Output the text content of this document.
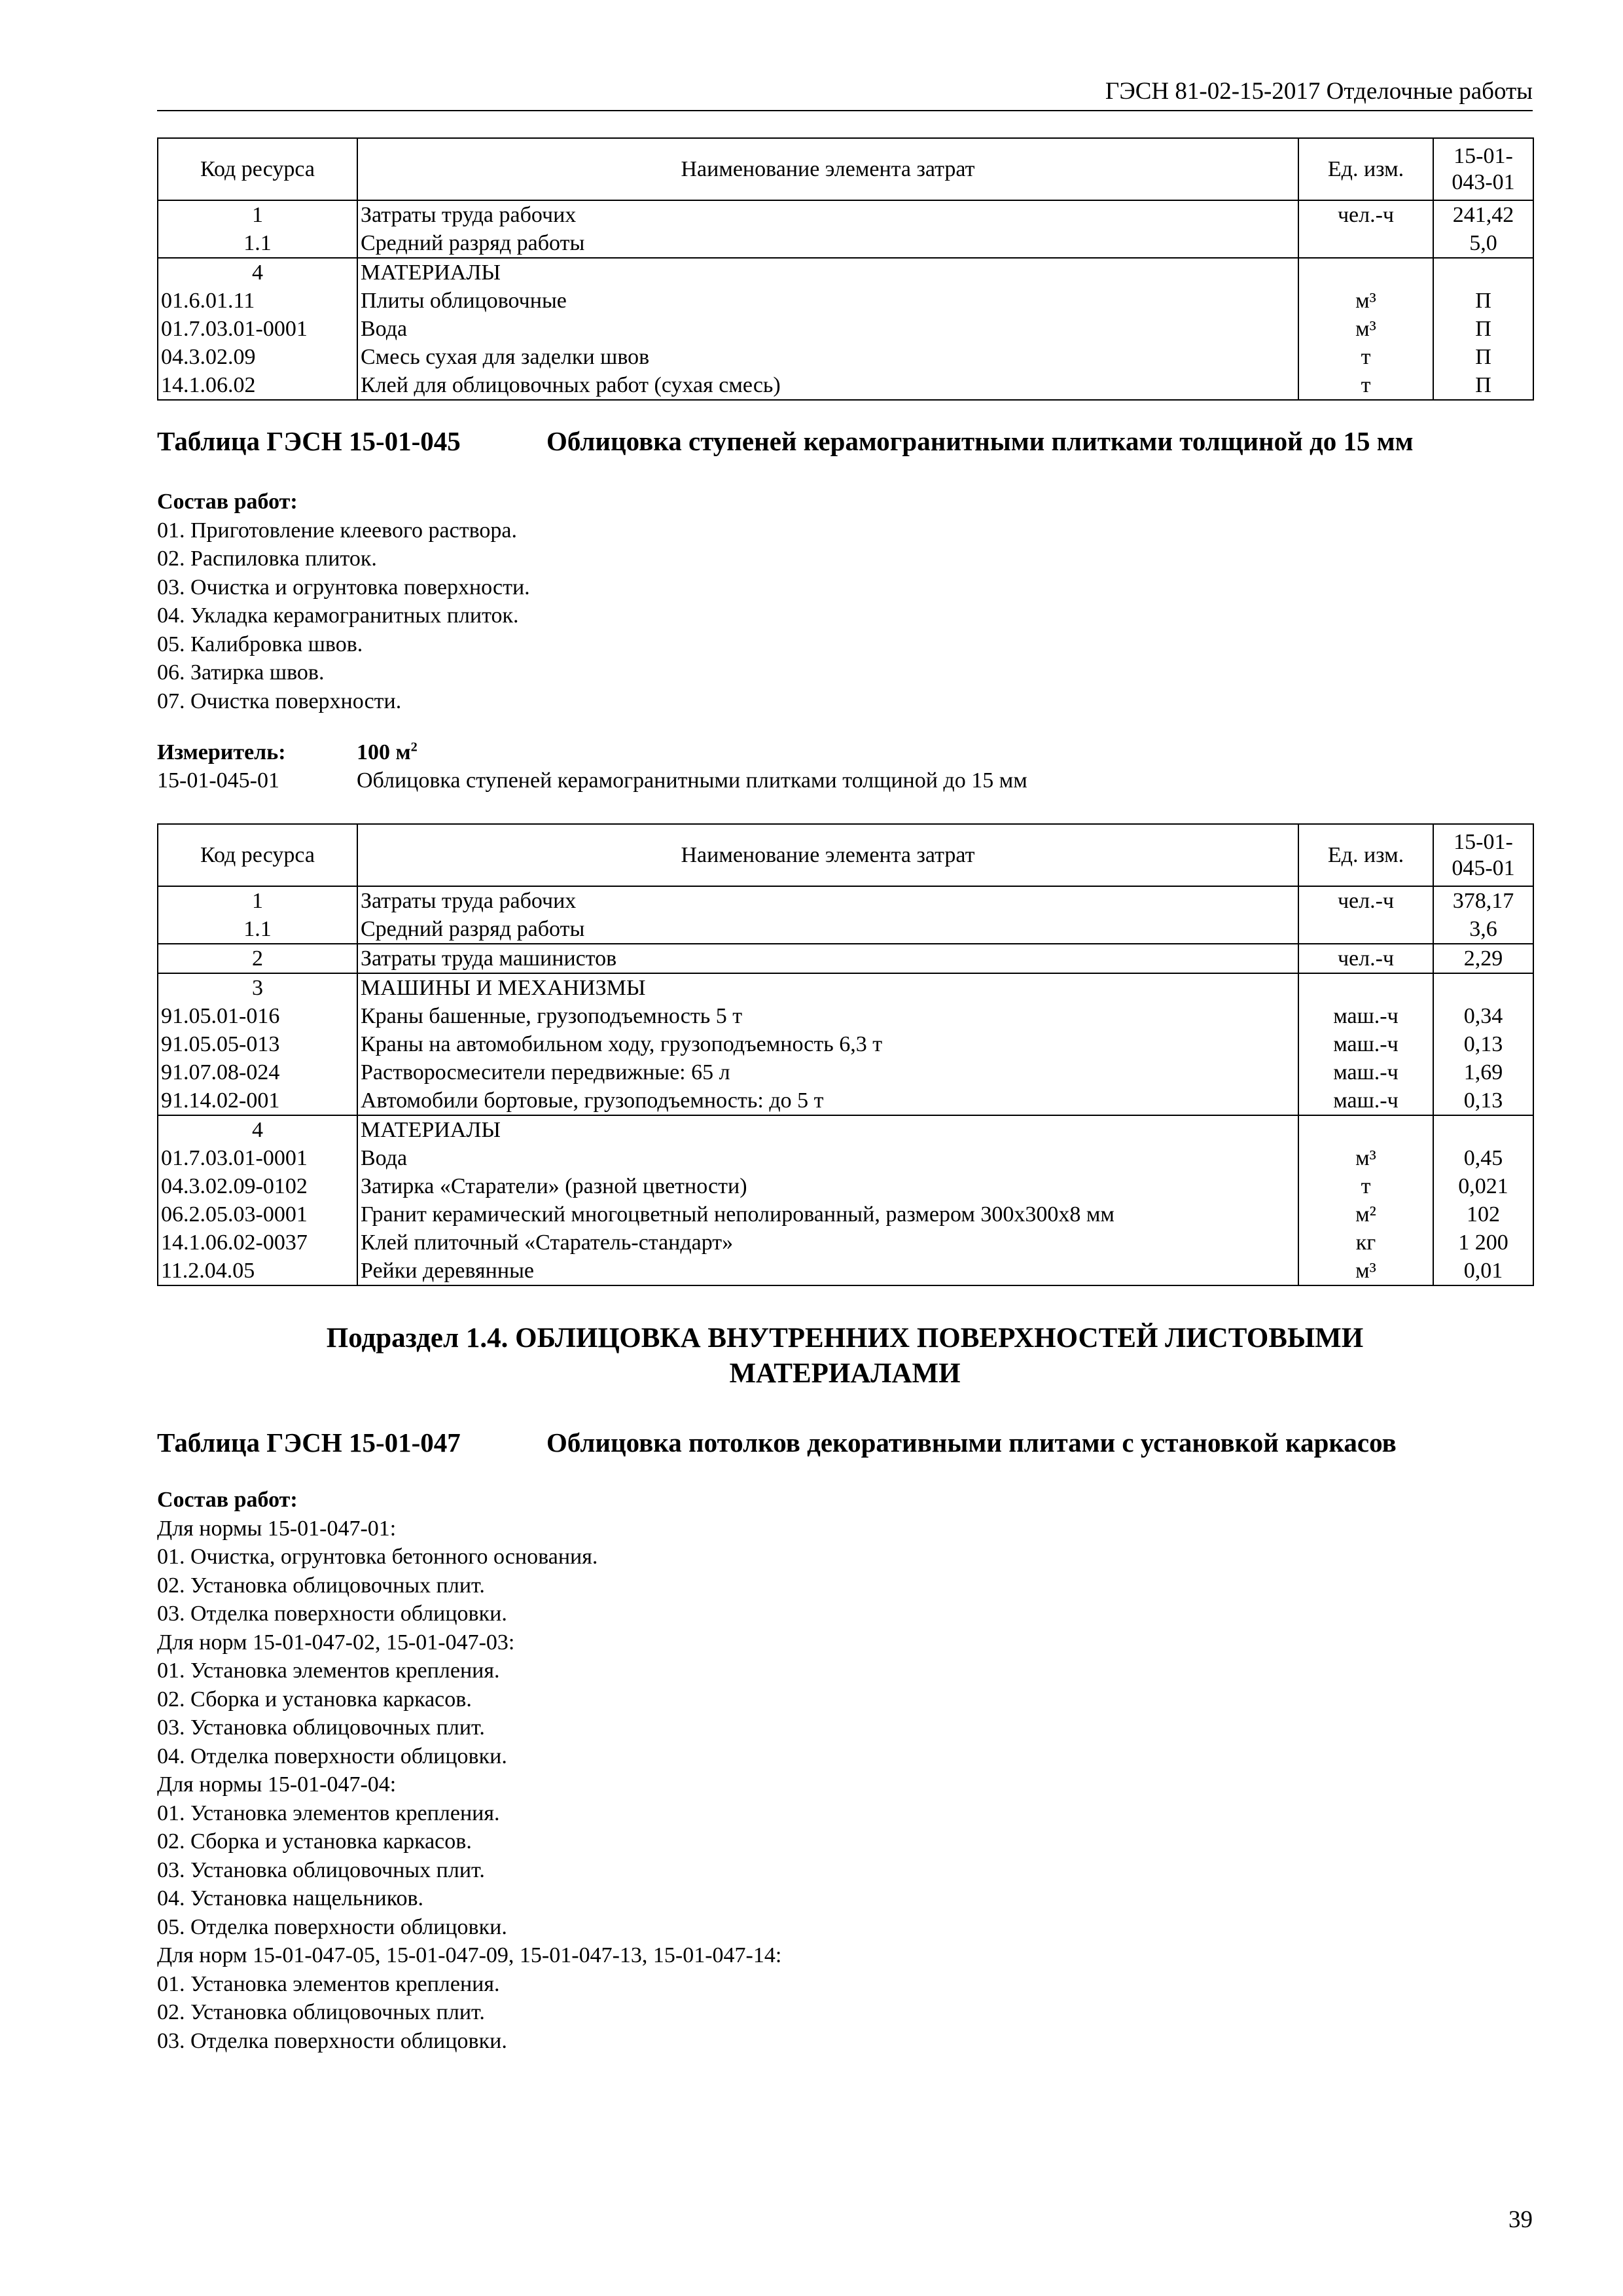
ГЭСН 81-02-15-2017 Отделочные работы
Код ресурса	Наименование элемента затрат	Ед. изм.	15-01-043-01
1	Затраты труда рабочих	чел.-ч	241,42
1.1	Средний разряд работы		5,0
4	МАТЕРИАЛЫ		
01.6.01.11	Плиты облицовочные	м³	П
01.7.03.01-0001	Вода	м³	П
04.3.02.09	Смесь сухая для заделки швов	т	П
14.1.06.02	Клей для облицовочных работ (сухая смесь)	т	П
Таблица ГЭСН 15-01-045	Облицовка ступеней керамогранитными плитками толщиной до 15 мм
Состав работ:
01. Приготовление клеевого раствора.
02. Распиловка плиток.
03. Очистка и огрунтовка поверхности.
04. Укладка керамогранитных плиток.
05. Калибровка швов.
06. Затирка швов.
07. Очистка поверхности.
Измеритель:	100 $м^2$
15-01-045-01	Облицовка ступеней керамогранитными плитками толщиной до 15 мм
Код ресурса	Наименование элемента затрат	Ед. изм.	15-01-045-01
1	Затраты труда рабочих	чел.-ч	378,17
1.1	Средний разряд работы		3,6
2	Затраты труда машинистов	чел.-ч	2,29
3	МАШИНЫ И МЕХАНИЗМЫ		
91.05.01-016	Краны башенные, грузоподъемность 5 т	маш.-ч	0,34
91.05.05-013	Краны на автомобильном ходу, грузоподъемность 6,3 т	маш.-ч	0,13
91.07.08-024	Растворосмесители передвижные: 65 л	маш.-ч	1,69
91.14.02-001	Автомобили бортовые, грузоподъемность: до 5 т	маш.-ч	0,13
4	МАТЕРИАЛЫ		
01.7.03.01-0001	Вода	м³	0,45
04.3.02.09-0102	Затирка «Старатели» (разной цветности)	т	0,021
06.2.05.03-0001	Гранит керамический многоцветный неполированный, размером 300х300х8 мм	м²	102
14.1.06.02-0037	Клей плиточный «Старатель-стандарт»	кг	1 200
11.2.04.05	Рейки деревянные	м³	0,01
Подраздел 1.4. ОБЛИЦОВКА ВНУТРЕННИХ ПОВЕРХНОСТЕЙ ЛИСТОВЫМИ
МАТЕРИАЛАМИ
Таблица ГЭСН 15-01-047	Облицовка потолков декоративными плитами с установкой каркасов
Состав работ:
Для нормы 15-01-047-01:
01. Очистка, огрунтовка бетонного основания.
02. Установка облицовочных плит.
03. Отделка поверхности облицовки.
Для норм 15-01-047-02, 15-01-047-03:
01. Установка элементов крепления.
02. Сборка и установка каркасов.
03. Установка облицовочных плит.
04. Отделка поверхности облицовки.
Для нормы 15-01-047-04:
01. Установка элементов крепления.
02. Сборка и установка каркасов.
03. Установка облицовочных плит.
04. Установка нащельников.
05. Отделка поверхности облицовки.
Для норм 15-01-047-05, 15-01-047-09, 15-01-047-13, 15-01-047-14:
01. Установка элементов крепления.
02. Установка облицовочных плит.
03. Отделка поверхности облицовки.
39
